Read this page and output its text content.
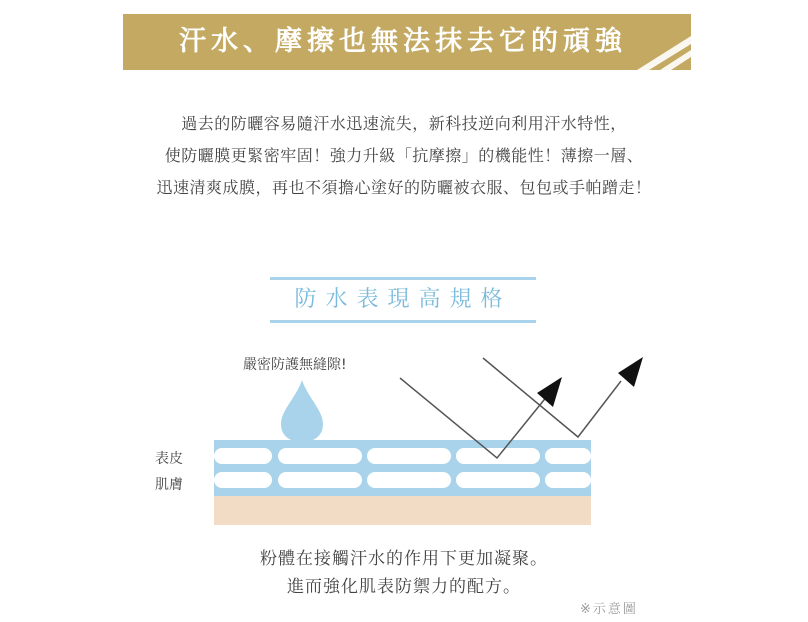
汗水、摩擦也無法抹去它的頑強
過去的防曬容易隨汗水迅速流失，新科技逆向利用汗水特性，
使防曬膜更緊密牢固！強力升級「抗摩擦」的機能性！薄擦一層、
迅速清爽成膜，再也不須擔心塗好的防曬被衣服、包包或手帕蹭走！
防水表現高規格
嚴密防護無縫隙!
表皮
肌膚
粉體在接觸汗水的作用下更加凝聚。
進而強化肌表防禦力的配方。
※示意圖
